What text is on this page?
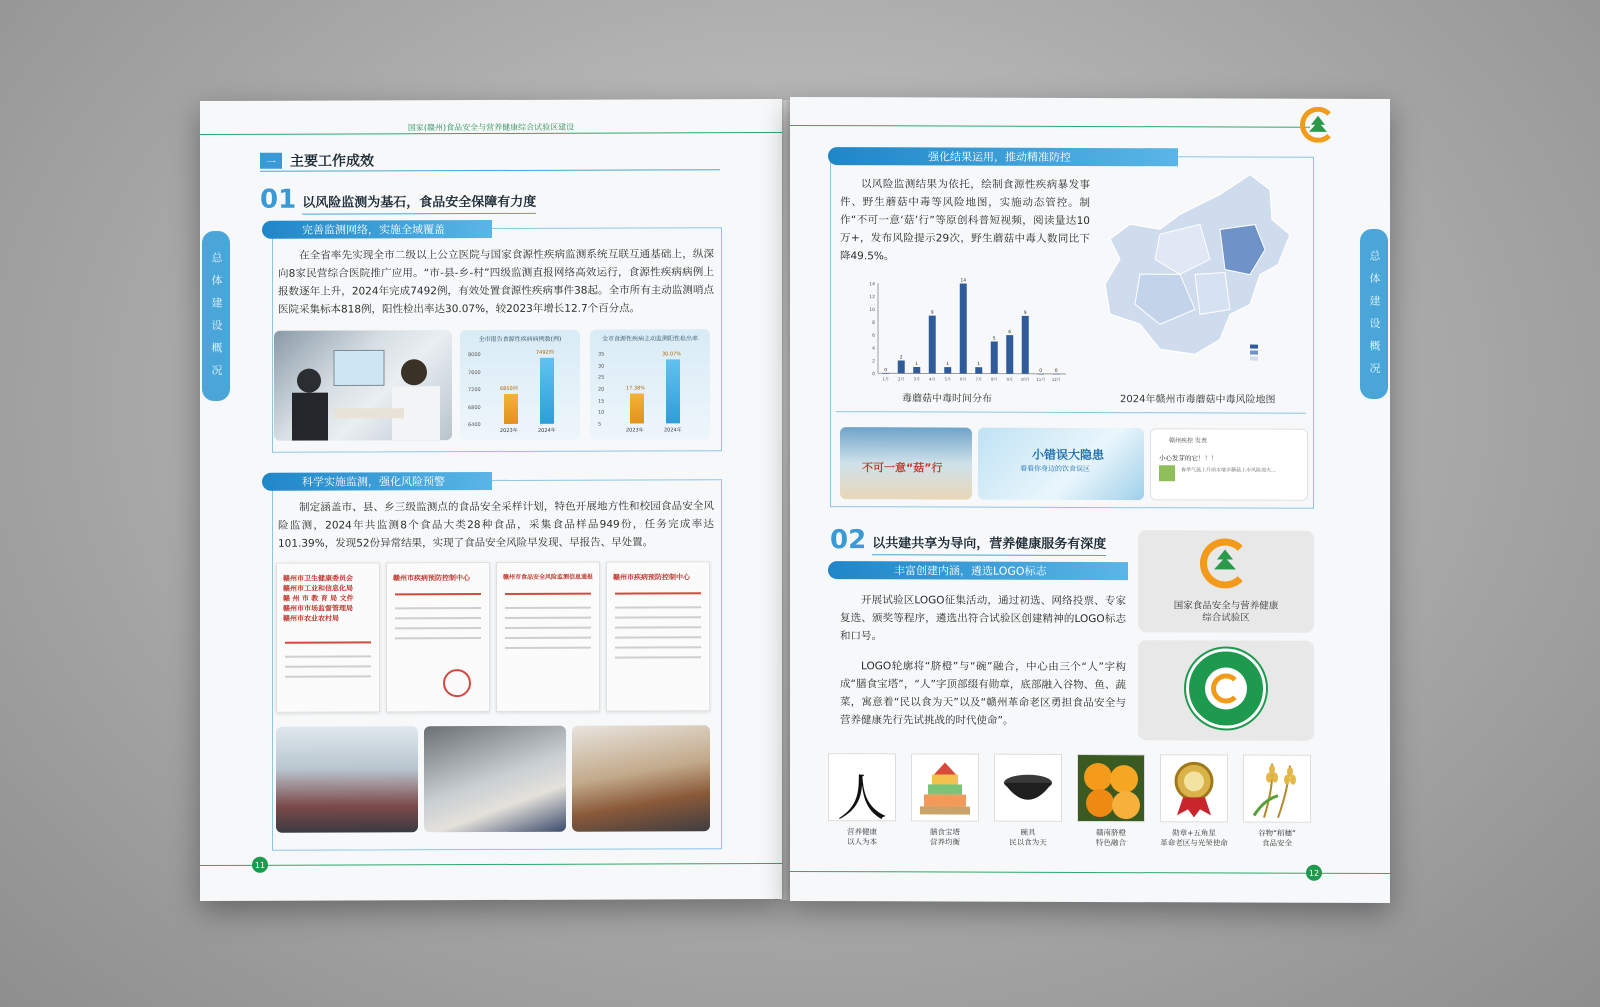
国家(赣州)食品安全与营养健康综合试验区建设
总 体 建 设 概 况
一	主要工作成效
01 以风险监测为基石，食品安全保障有力度
完善监测网络，实施全域覆盖
在全省率先实现全市二级以上公立医院与国家食源性疾病监测系统互联互通基础上，纵深向8家民营综合医院推广应用。“市-县-乡-村”四级监测直报网络高效运行，食源性疾病病例上报数逐年上升，2024年完成7492例，有效处置食源性疾病事件38起。全市所有主动监测哨点医院采集标本818例，阳性检出率达30.07%，较2023年增长12.7个百分点。
全市报告食源性疾病病例数(例)
6850例
7492例
2023年	2024年
8000
7600
7200
6800
6400
全市食源性疾病主动监测阳性检出率
17.38%
30.07%
2023年	2024年
35
30
25
20
15
10
5
科学实施监测，强化风险预警
制定涵盖市、县、乡三级监测点的食品安全采样计划，特色开展地方性和校园食品安全风险监测，2024年共监测8个食品大类28种食品，采集食品样品949份，任务完成率达101.39%，发现52份异常结果，实现了食品安全风险早发现、早报告、早处置。
赣州市卫生健康委员会
赣州市工业和信息化局
赣 州 市 教 育 局 文件
赣州市市场监督管理局
赣州市农业农村局
赣州市疾病预防控制中心	赣州市食品安全风险监测信息通报	赣州市疾病预防控制中心
11
总 体 建 设 概 况
强化结果运用，推动精准防控
以风险监测结果为依托，绘制食源性疾病暴发事件、野生蘑菇中毒等风险地图，实施动态管控。制作“不可一意‘菇’行”等原创科普短视频，阅读量达10万+，发布风险提示29次，野生蘑菇中毒人数同比下降49.5%。
0
2
4
6
8
10
12
14
0
1月
2
2月
1
3月
9
4月
1
5月
14
6月
1
7月
5
8月
6
9月
9
10月
0
11月
0
12月
毒蘑菇中毒时间分布	2024年赣州市毒蘑菇中毒风险地图
不可一意“菇”行
小错误大隐患
看看你身边的饮食误区
赣州疾控 发表
小心发芽的它！！！
春季气温上升雨水增多蘑菇上市风险加大…
02 以共建共享为导向，营养健康服务有深度
丰富创建内涵，遴选LOGO标志
开展试验区LOGO征集活动，通过初选、网络投票、专家复选、颁奖等程序，遴选出符合试验区创建精神的LOGO标志和口号。
LOGO轮廓将“脐橙”与“碗”融合，中心由三个“人”字构成“膳食宝塔”，“人”字顶部缀有勋章，底部融入谷物、鱼、蔬菜，寓意着“民以食为天”以及“赣州革命老区勇担食品安全与营养健康先行先试挑战的时代使命”。
国家食品安全与营养健康
综合试验区
12
人
营养健康
以人为本
膳食宝塔
营养均衡
碗具
民以食为天
赣南脐橙
特色融合
勋章+五角星
革命老区与光荣使命
谷物“稻穗”
食品安全
